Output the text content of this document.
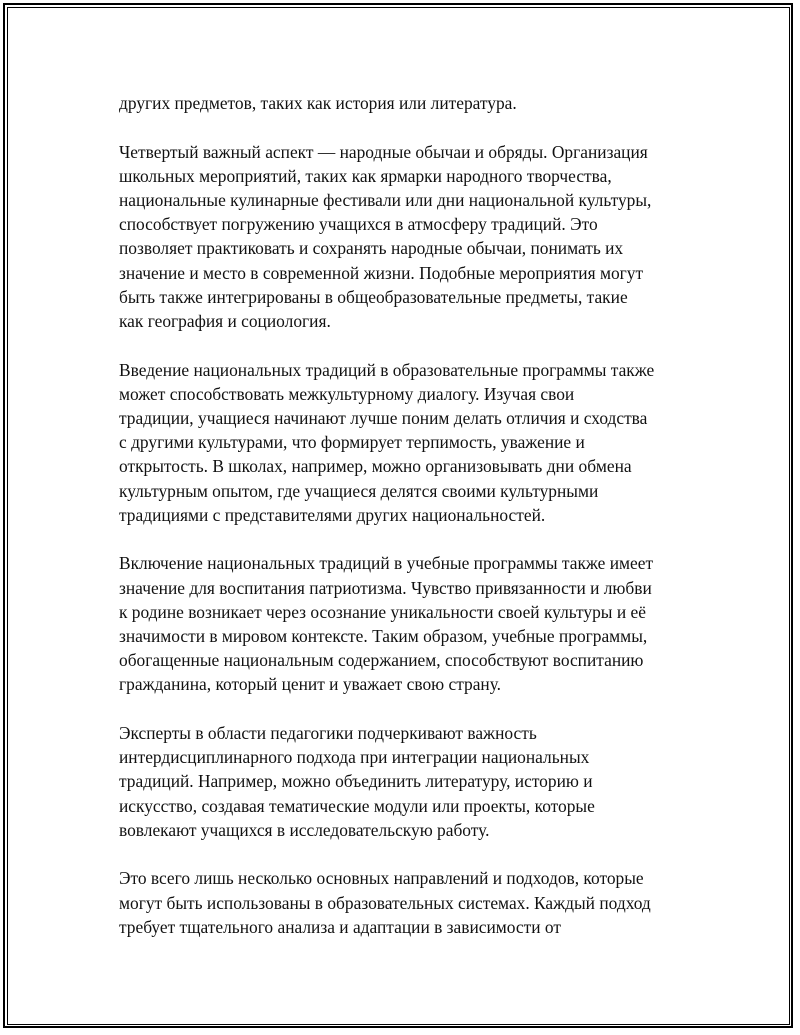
других предметов, таких как история или литература.
Четвертый важный аспект — народные обычаи и обряды. Организация
школьных мероприятий, таких как ярмарки народного творчества,
национальные кулинарные фестивали или дни национальной культуры,
способствует погружению учащихся в атмосферу традиций. Это
позволяет практиковать и сохранять народные обычаи, понимать их
значение и место в современной жизни. Подобные мероприятия могут
быть также интегрированы в общеобразовательные предметы, такие
как география и социология.
Введение национальных традиций в образовательные программы также
может способствовать межкультурному диалогу. Изучая свои
традиции, учащиеся начинают лучше поним делать отличия и сходства
с другими культурами, что формирует терпимость, уважение и
открытость. В школах, например, можно организовывать дни обмена
культурным опытом, где учащиеся делятся своими культурными
традициями с представителями других национальностей.
Включение национальных традиций в учебные программы также имеет
значение для воспитания патриотизма. Чувство привязанности и любви
к родине возникает через осознание уникальности своей культуры и её
значимости в мировом контексте. Таким образом, учебные программы,
обогащенные национальным содержанием, способствуют воспитанию
гражданина, который ценит и уважает свою страну.
Эксперты в области педагогики подчеркивают важность
интердисциплинарного подхода при интеграции национальных
традиций. Например, можно объединить литературу, историю и
искусство, создавая тематические модули или проекты, которые
вовлекают учащихся в исследовательскую работу.
Это всего лишь несколько основных направлений и подходов, которые
могут быть использованы в образовательных системах. Каждый подход
требует тщательного анализа и адаптации в зависимости от
